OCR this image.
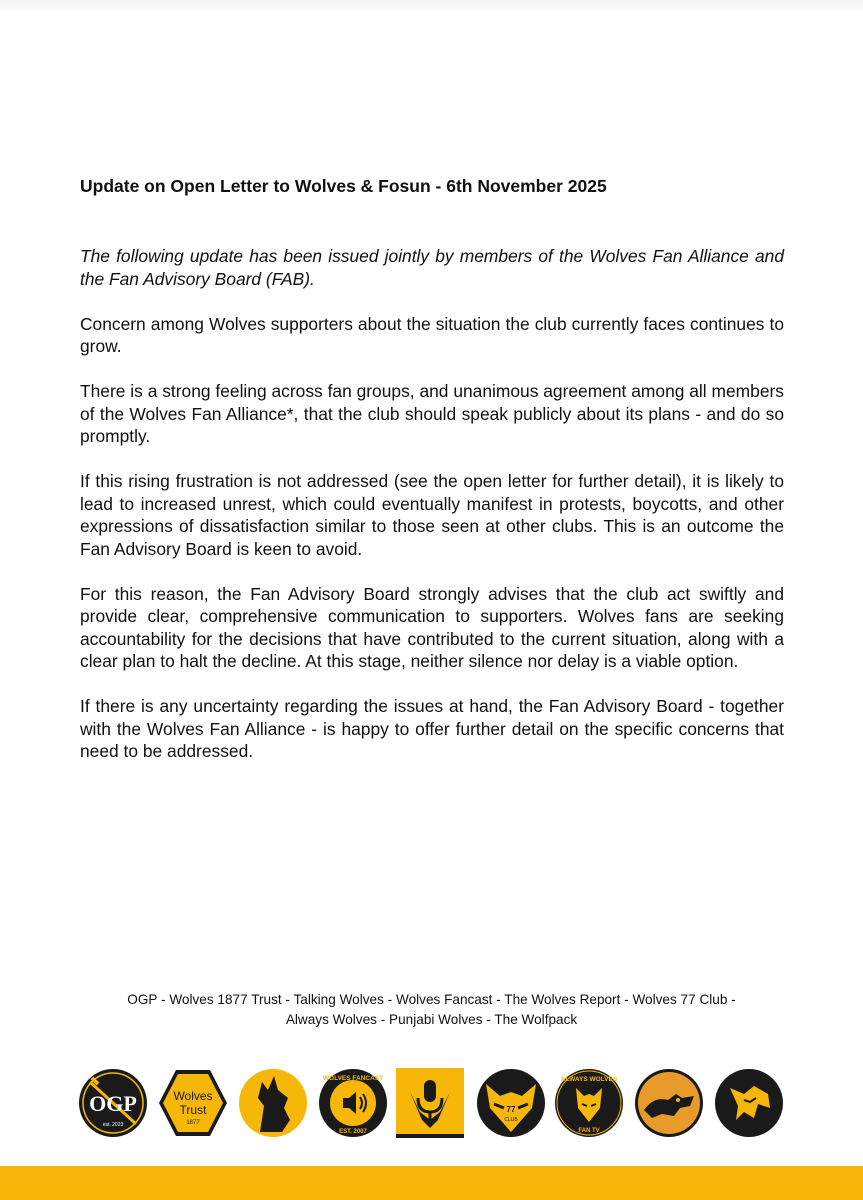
Update on Open Letter to Wolves & Fosun - 6th November 2025

The following update has been issued jointly by members of the Wolves Fan Alliance and the Fan Advisory Board (FAB).

Concern among Wolves supporters about the situation the club currently faces continues to grow.

There is a strong feeling across fan groups, and unanimous agreement among all members of the Wolves Fan Alliance*, that the club should speak publicly about its plans - and do so promptly.

If this rising frustration is not addressed (see the open letter for further detail), it is likely to lead to increased unrest, which could eventually manifest in protests, boycotts, and other expressions of dissatisfaction similar to those seen at other clubs. This is an outcome the Fan Advisory Board is keen to avoid.

For this reason, the Fan Advisory Board strongly advises that the club act swiftly and provide clear, comprehensive communication to supporters. Wolves fans are seeking accountability for the decisions that have contributed to the current situation, along with a clear plan to halt the decline. At this stage, neither silence nor delay is a viable option.

If there is any uncertainty regarding the issues at hand, the Fan Advisory Board - together with the Wolves Fan Alliance - is happy to offer further detail on the specific concerns that need to be addressed.

OGP - Wolves 1877 Trust - Talking Wolves - Wolves Fancast - The Wolves Report - Wolves 77 Club -
Always Wolves - Punjabi Wolves - The Wolfpack
OGP
est. 2023
Wolves
Trust
1877
WOLVES FANCAST
EST. 2007
77
CLUB
ALWAYS WOLVES
FAN TV
